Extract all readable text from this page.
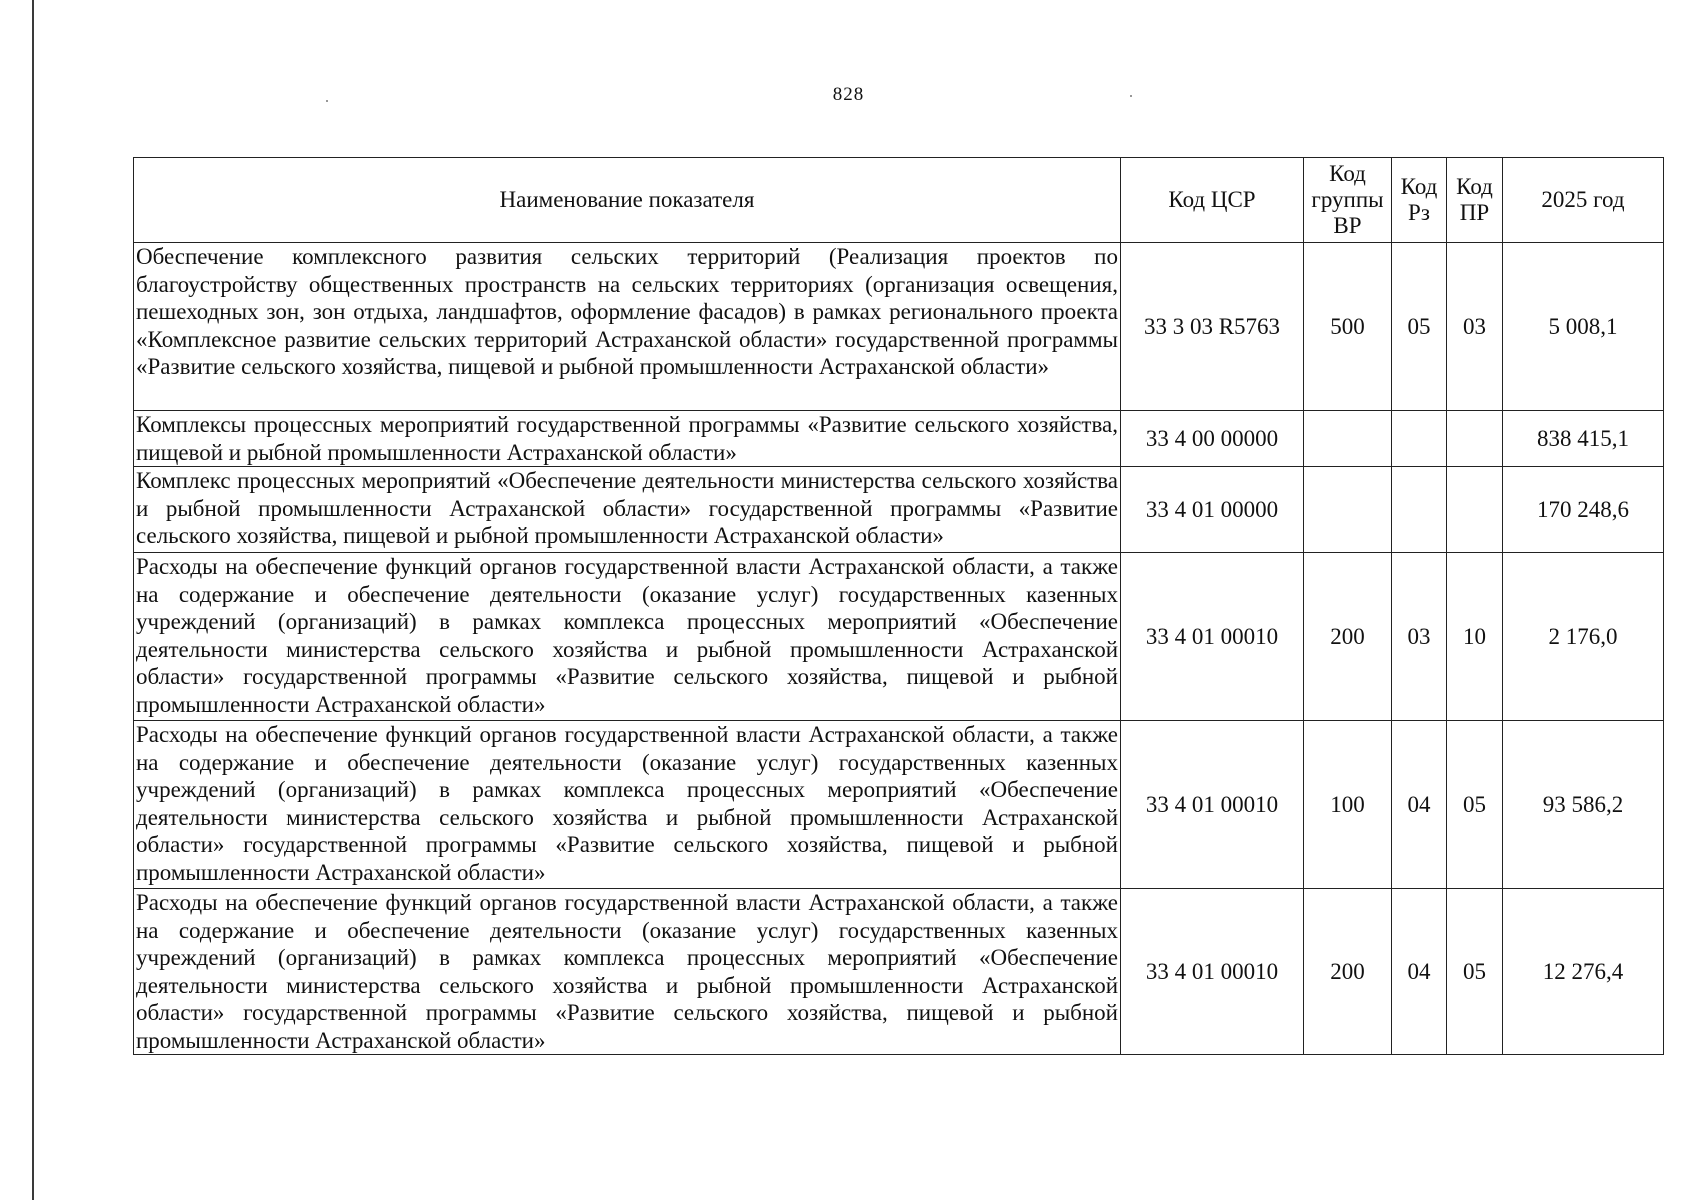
828
Наименование показателя	Код ЦСР	Код группы ВР	Код Рз	Код ПР	2025 год
Обеспечение комплексного развития сельских территорий (Реализация проектов по благоустройству общественных пространств на сельских территориях (организация освещения, пешеходных зон, зон отдыха, ландшафтов, оформление фасадов) в рамках регионального проекта «Комплексное развитие сельских территорий Астраханской области» государственной программы «Развитие сельского хозяйства, пищевой и рыбной промышленности Астраханской области»	33 3 03 R5763	500	05	03	5 008,1
Комплексы процессных мероприятий государственной программы «Развитие сельского хозяйства, пищевой и рыбной промышленности Астраханской области»	33 4 00 00000				838 415,1
Комплекс процессных мероприятий «Обеспечение деятельности министерства сельского хозяйства и рыбной промышленности Астраханской области» государственной программы «Развитие сельского хозяйства, пищевой и рыбной промышленности Астраханской области»	33 4 01 00000				170 248,6
Расходы на обеспечение функций органов государственной власти Астраханской области, а также на содержание и обеспечение деятельности (оказание услуг) государственных казенных учреждений (организаций) в рамках комплекса процессных мероприятий «Обеспечение деятельности министерства сельского хозяйства и рыбной промышленности Астраханской области» государственной программы «Развитие сельского хозяйства, пищевой и рыбной промышленности Астраханской области»	33 4 01 00010	200	03	10	2 176,0
Расходы на обеспечение функций органов государственной власти Астраханской области, а также на содержание и обеспечение деятельности (оказание услуг) государственных казенных учреждений (организаций) в рамках комплекса процессных мероприятий «Обеспечение деятельности министерства сельского хозяйства и рыбной промышленности Астраханской области» государственной программы «Развитие сельского хозяйства, пищевой и рыбной промышленности Астраханской области»	33 4 01 00010	100	04	05	93 586,2
Расходы на обеспечение функций органов государственной власти Астраханской области, а также на содержание и обеспечение деятельности (оказание услуг) государственных казенных учреждений (организаций) в рамках комплекса процессных мероприятий «Обеспечение деятельности министерства сельского хозяйства и рыбной промышленности Астраханской области» государственной программы «Развитие сельского хозяйства, пищевой и рыбной промышленности Астраханской области»	33 4 01 00010	200	04	05	12 276,4
